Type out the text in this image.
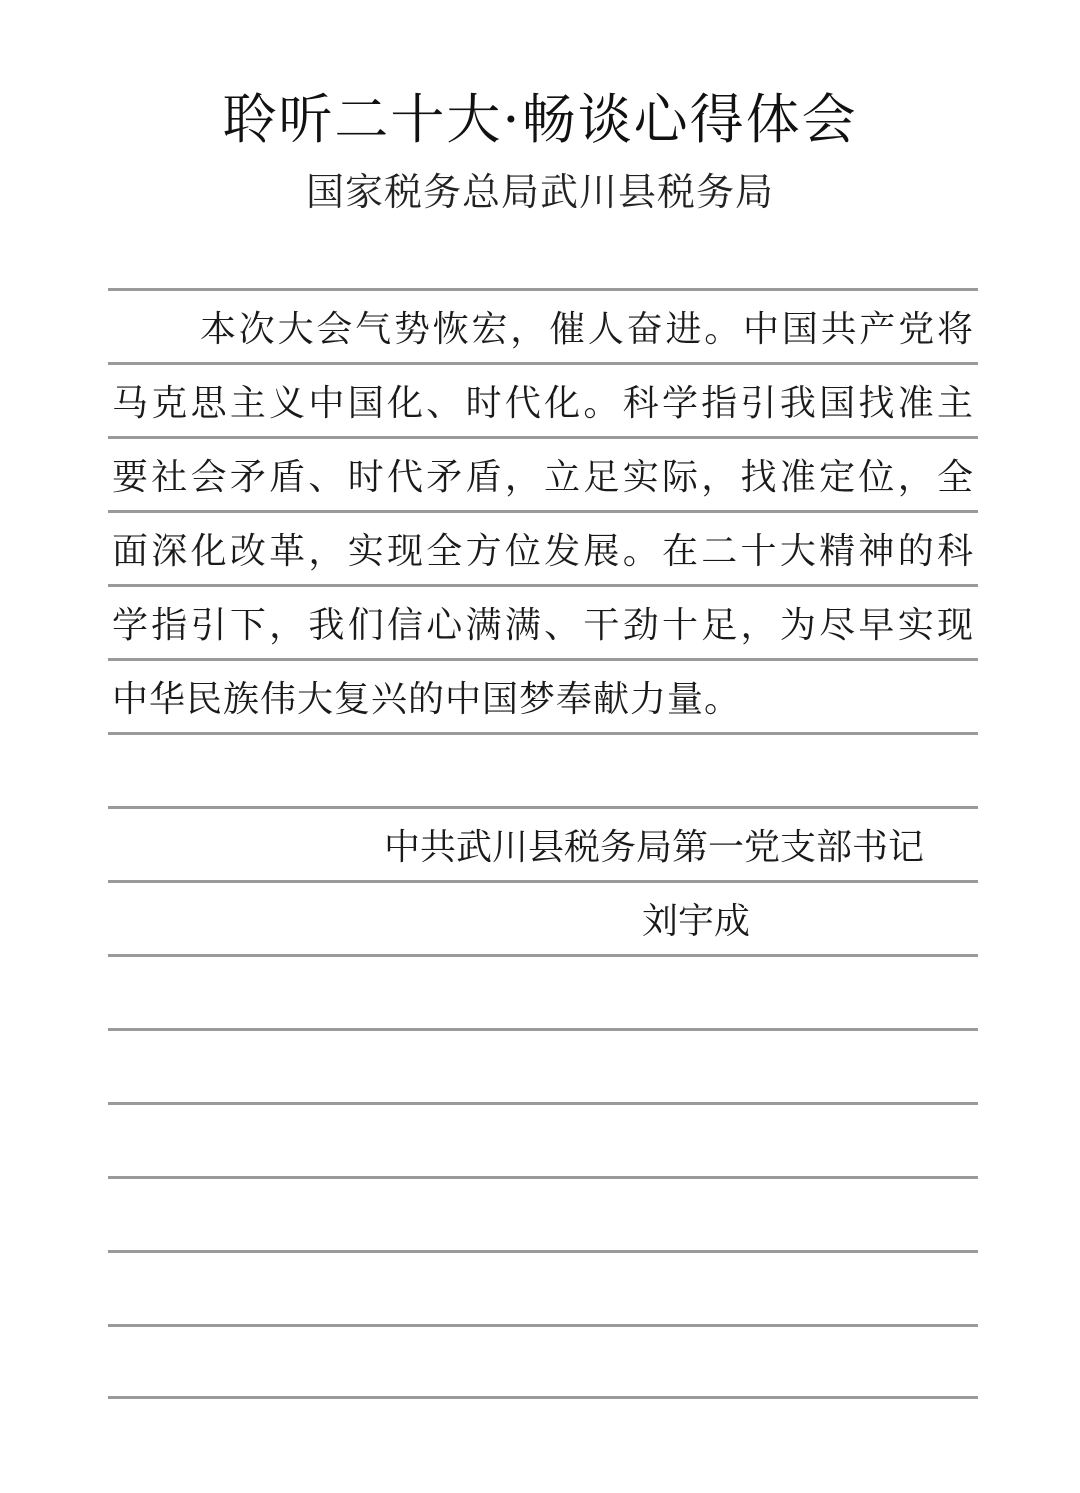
聆听二十大·畅谈心得体会
国家税务总局武川县税务局
本次大会气势恢宏，催人奋进。中国共产党将
马克思主义中国化、时代化。科学指引我国找准主
要社会矛盾、时代矛盾，立足实际，找准定位，全
面深化改革，实现全方位发展。在二十大精神的科
学指引下，我们信心满满、干劲十足，为尽早实现
中华民族伟大复兴的中国梦奉献力量。
中共武川县税务局第一党支部书记
刘宇成
